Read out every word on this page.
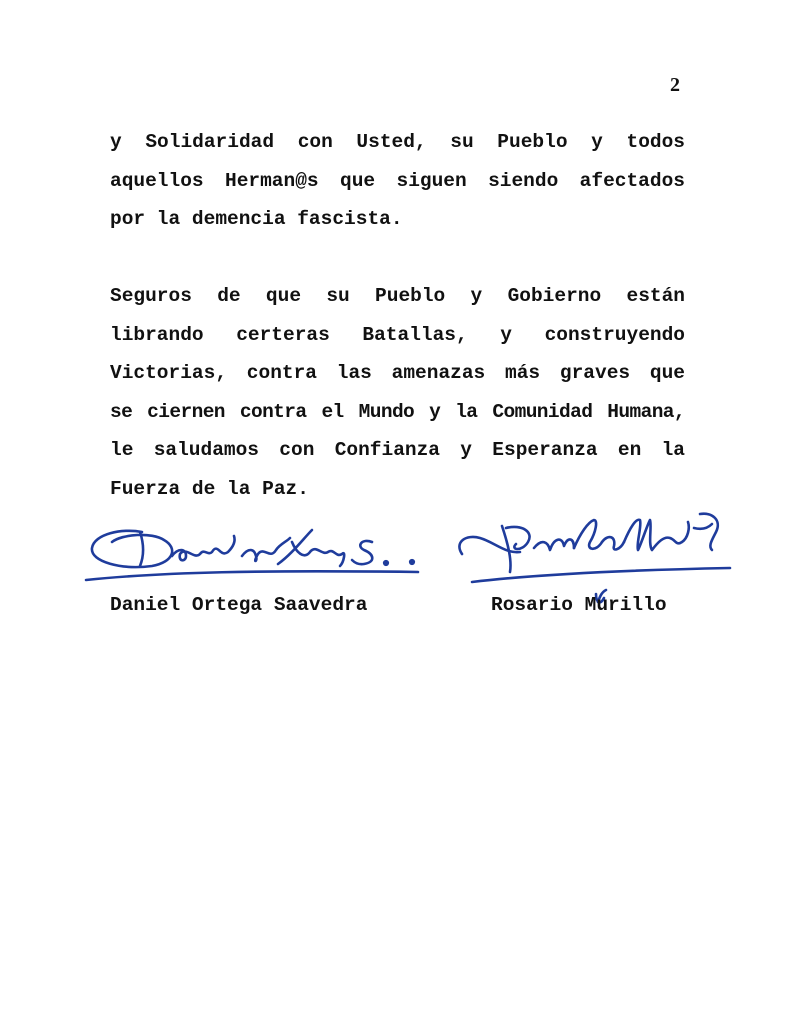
2
y Solidaridad con Usted, su Pueblo y todos
aquellos Herman@s que siguen siendo afectados
por la demencia fascista.
Seguros de que su Pueblo y Gobierno están
librando certeras Batallas, y construyendo
Victorias, contra las amenazas más graves que
se ciernen contra el Mundo y la Comunidad Humana,
le saludamos con Confianza y Esperanza en la
Fuerza de la Paz.
Daniel Ortega Saavedra	Rosario Murillo
